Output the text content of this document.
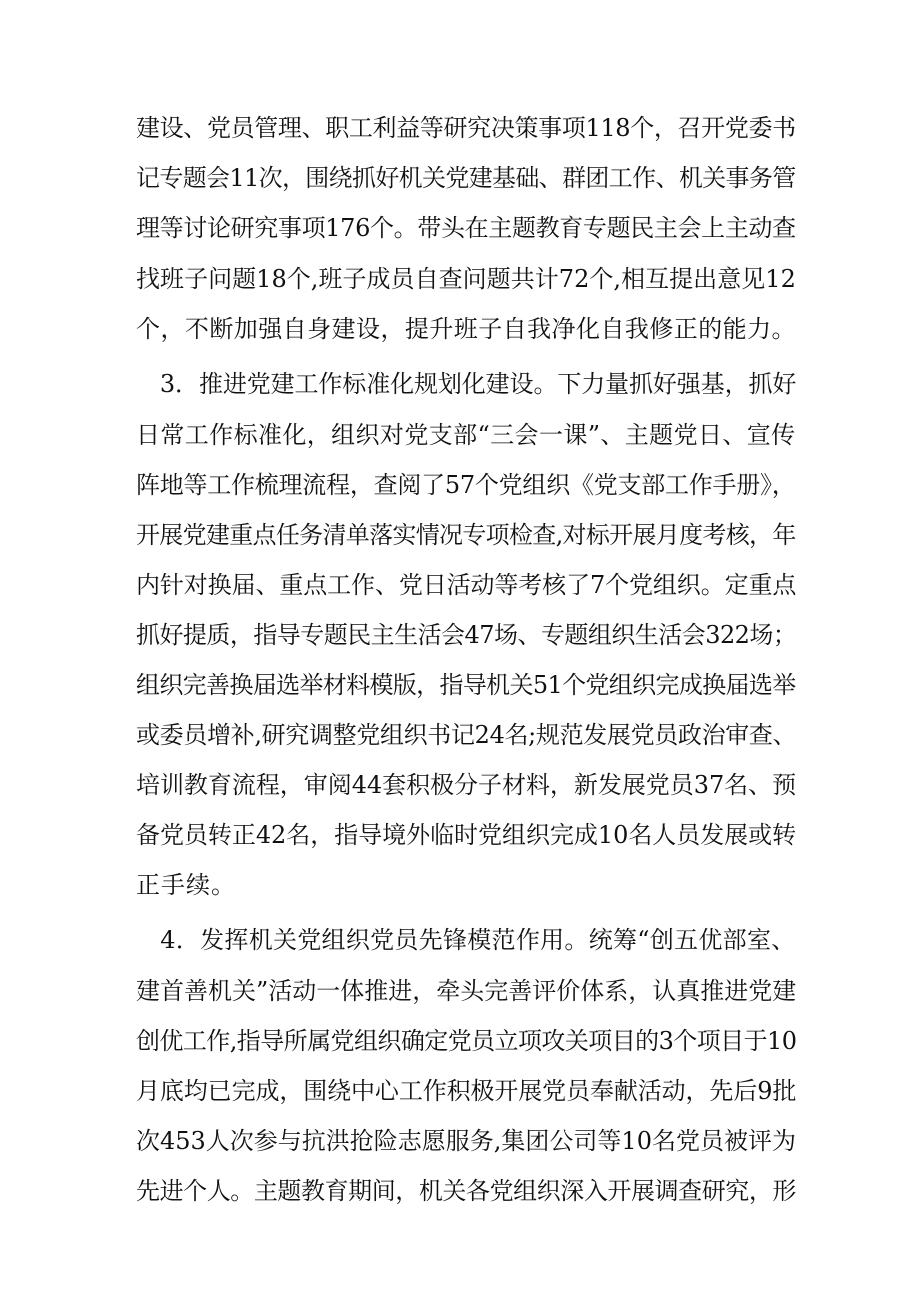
建设、党员管理、职工利益等研究决策事项118个，召开党委书
记专题会11次，围绕抓好机关党建基础、群团工作、机关事务管
理等讨论研究事项176个。带头在主题教育专题民主会上主动查
找班子问题18个,班子成员自查问题共计72个,相互提出意见12
个，不断加强自身建设，提升班子自我净化自我修正的能力。
　3．推进党建工作标准化规划化建设。下力量抓好强基，抓好
日常工作标准化，组织对党支部“三会一课”、主题党日、宣传
阵地等工作梳理流程，查阅了57个党组织《党支部工作手册》，
开展党建重点任务清单落实情况专项检查,对标开展月度考核，年
内针对换届、重点工作、党日活动等考核了7个党组织。定重点
抓好提质，指导专题民主生活会47场、专题组织生活会322场；
组织完善换届选举材料模版，指导机关51个党组织完成换届选举
或委员增补,研究调整党组织书记24名;规范发展党员政治审查、
培训教育流程，审阅44套积极分子材料，新发展党员37名、预
备党员转正42名，指导境外临时党组织完成10名人员发展或转
正手续。
　4．发挥机关党组织党员先锋模范作用。统筹“创五优部室、
建首善机关”活动一体推进，牵头完善评价体系，认真推进党建
创优工作,指导所属党组织确定党员立项攻关项目的3个项目于10
月底均已完成，围绕中心工作积极开展党员奉献活动，先后9批
次453人次参与抗洪抢险志愿服务,集团公司等10名党员被评为
先进个人。主题教育期间，机关各党组织深入开展调查研究，形
